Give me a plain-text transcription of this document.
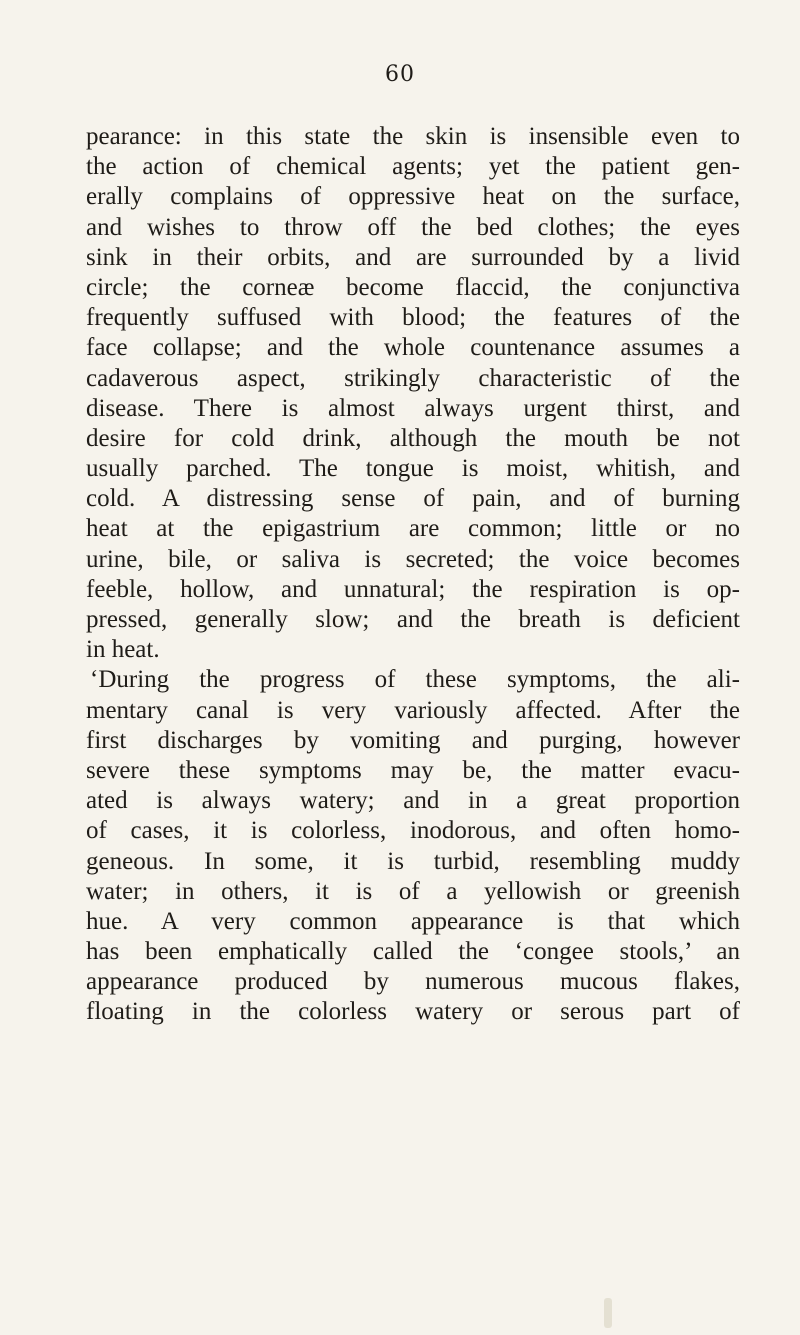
60
pearance: in this state the skin is insensible even to
the action of chemical agents; yet the patient gen-
erally complains of oppressive heat on the surface,
and wishes to throw off the bed clothes; the eyes
sink in their orbits, and are surrounded by a livid
circle; the corneæ become flaccid, the conjunctiva
frequently suffused with blood; the features of the
face collapse; and the whole countenance assumes a
cadaverous aspect, strikingly characteristic of the
disease. There is almost always urgent thirst, and
desire for cold drink, although the mouth be not
usually parched. The tongue is moist, whitish, and
cold. A distressing sense of pain, and of burning
heat at the epigastrium are common; little or no
urine, bile, or saliva is secreted; the voice becomes
feeble, hollow, and unnatural; the respiration is op-
pressed, generally slow; and the breath is deficient
in heat.
‘During the progress of these symptoms, the ali-
mentary canal is very variously affected. After the
first discharges by vomiting and purging, however
severe these symptoms may be, the matter evacu-
ated is always watery; and in a great proportion
of cases, it is colorless, inodorous, and often homo-
geneous. In some, it is turbid, resembling muddy
water; in others, it is of a yellowish or greenish
hue. A very common appearance is that which
has been emphatically called the ‘congee stools,’ an
appearance produced by numerous mucous flakes,
floating in the colorless watery or serous part of
